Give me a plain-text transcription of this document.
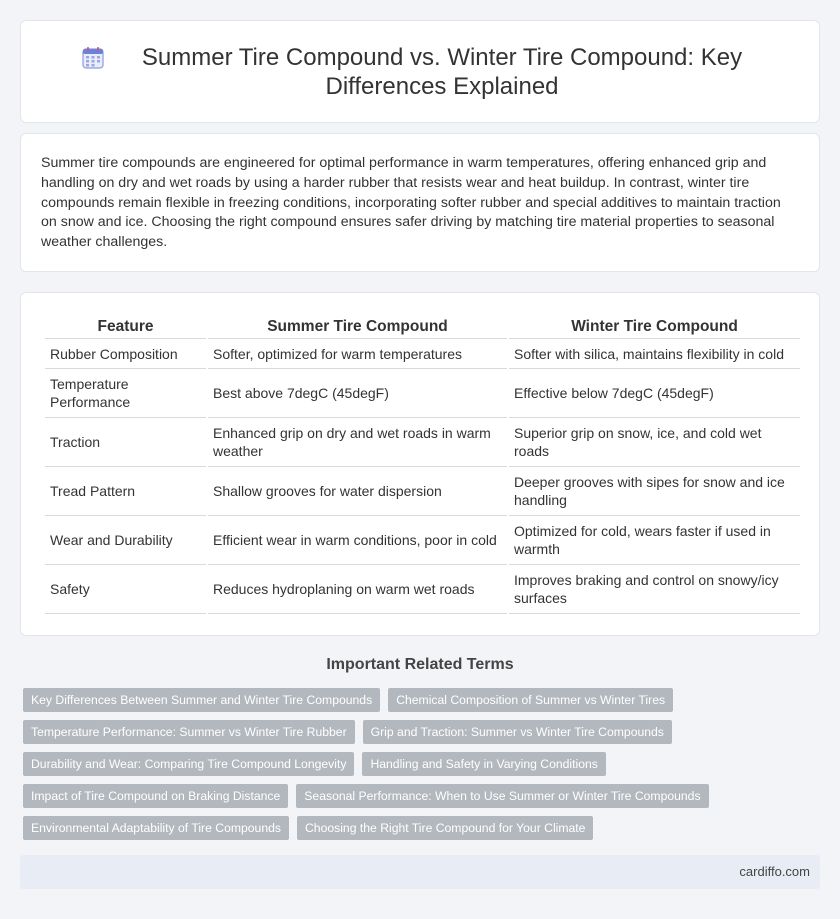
Summer Tire Compound vs. Winter Tire Compound: Key Differences Explained

Summer tire compounds are engineered for optimal performance in warm temperatures, offering enhanced grip and handling on dry and wet roads by using a harder rubber that resists wear and heat buildup. In contrast, winter tire compounds remain flexible in freezing conditions, incorporating softer rubber and special additives to maintain traction on snow and ice. Choosing the right compound ensures safer driving by matching tire material properties to seasonal weather challenges.

Feature	Summer Tire Compound	Winter Tire Compound
Rubber Composition	Softer, optimized for warm temperatures	Softer with silica, maintains flexibility in cold
Temperature Performance	Best above 7degC (45degF)	Effective below 7degC (45degF)
Traction	Enhanced grip on dry and wet roads in warm weather	Superior grip on snow, ice, and cold wet roads
Tread Pattern	Shallow grooves for water dispersion	Deeper grooves with sipes for snow and ice handling
Wear and Durability	Efficient wear in warm conditions, poor in cold	Optimized for cold, wears faster if used in warmth
Safety	Reduces hydroplaning on warm wet roads	Improves braking and control on snowy/icy surfaces
Important Related Terms
Key Differences Between Summer and Winter Tire Compounds	Chemical Composition of Summer vs Winter Tires
Temperature Performance: Summer vs Winter Tire Rubber	Grip and Traction: Summer vs Winter Tire Compounds
Durability and Wear: Comparing Tire Compound Longevity	Handling and Safety in Varying Conditions
Impact of Tire Compound on Braking Distance	Seasonal Performance: When to Use Summer or Winter Tire Compounds
Environmental Adaptability of Tire Compounds	Choosing the Right Tire Compound for Your Climate
cardiffo.com
